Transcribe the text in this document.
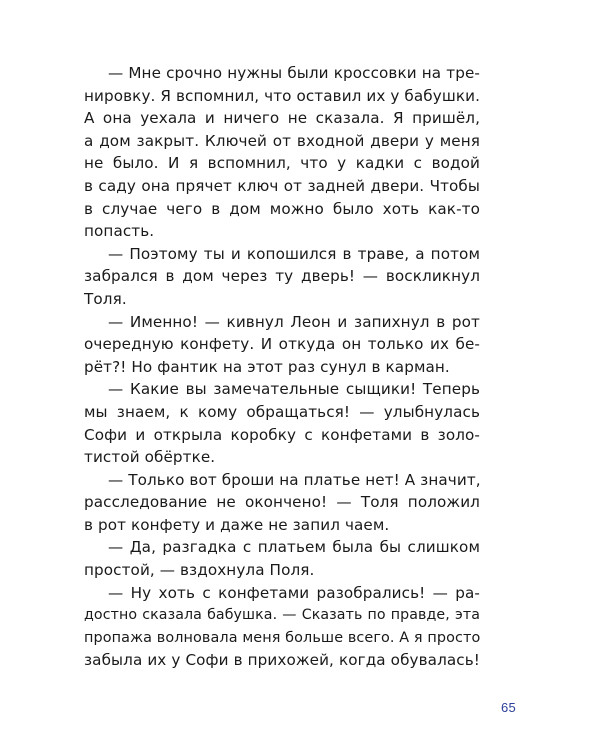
— Мне срочно нужны были кроссовки на тре-
нировку. Я вспомнил, что оставил их у бабушки.
А она уехала и ничего не сказала. Я пришёл,
а дом закрыт. Ключей от входной двери у меня
не было. И я вспомнил, что у кадки с водой
в саду она прячет ключ от задней двери. Чтобы
в случае чего в дом можно было хоть как-то
попасть.
— Поэтому ты и копошился в траве, а потом
забрался в дом через ту дверь! — воскликнул
Толя.
— Именно! — кивнул Леон и запихнул в рот
очередную конфету. И откуда он только их бе-
рёт?! Но фантик на этот раз сунул в карман.
— Какие вы замечательные сыщики! Теперь
мы знаем, к кому обращаться! — улыбнулась
Софи и открыла коробку с конфетами в золо-
тистой обёртке.
— Только вот броши на платье нет! А значит,
расследование не окончено! — Толя положил
в рот конфету и даже не запил чаем.
— Да, разгадка с платьем была бы слишком
простой, — вздохнула Поля.
— Ну хоть с конфетами разобрались! — ра-
достно сказала бабушка. — Сказать по правде, эта
пропажа волновала меня больше всего. А я просто
забыла их у Софи в прихожей, когда обувалась!
65
